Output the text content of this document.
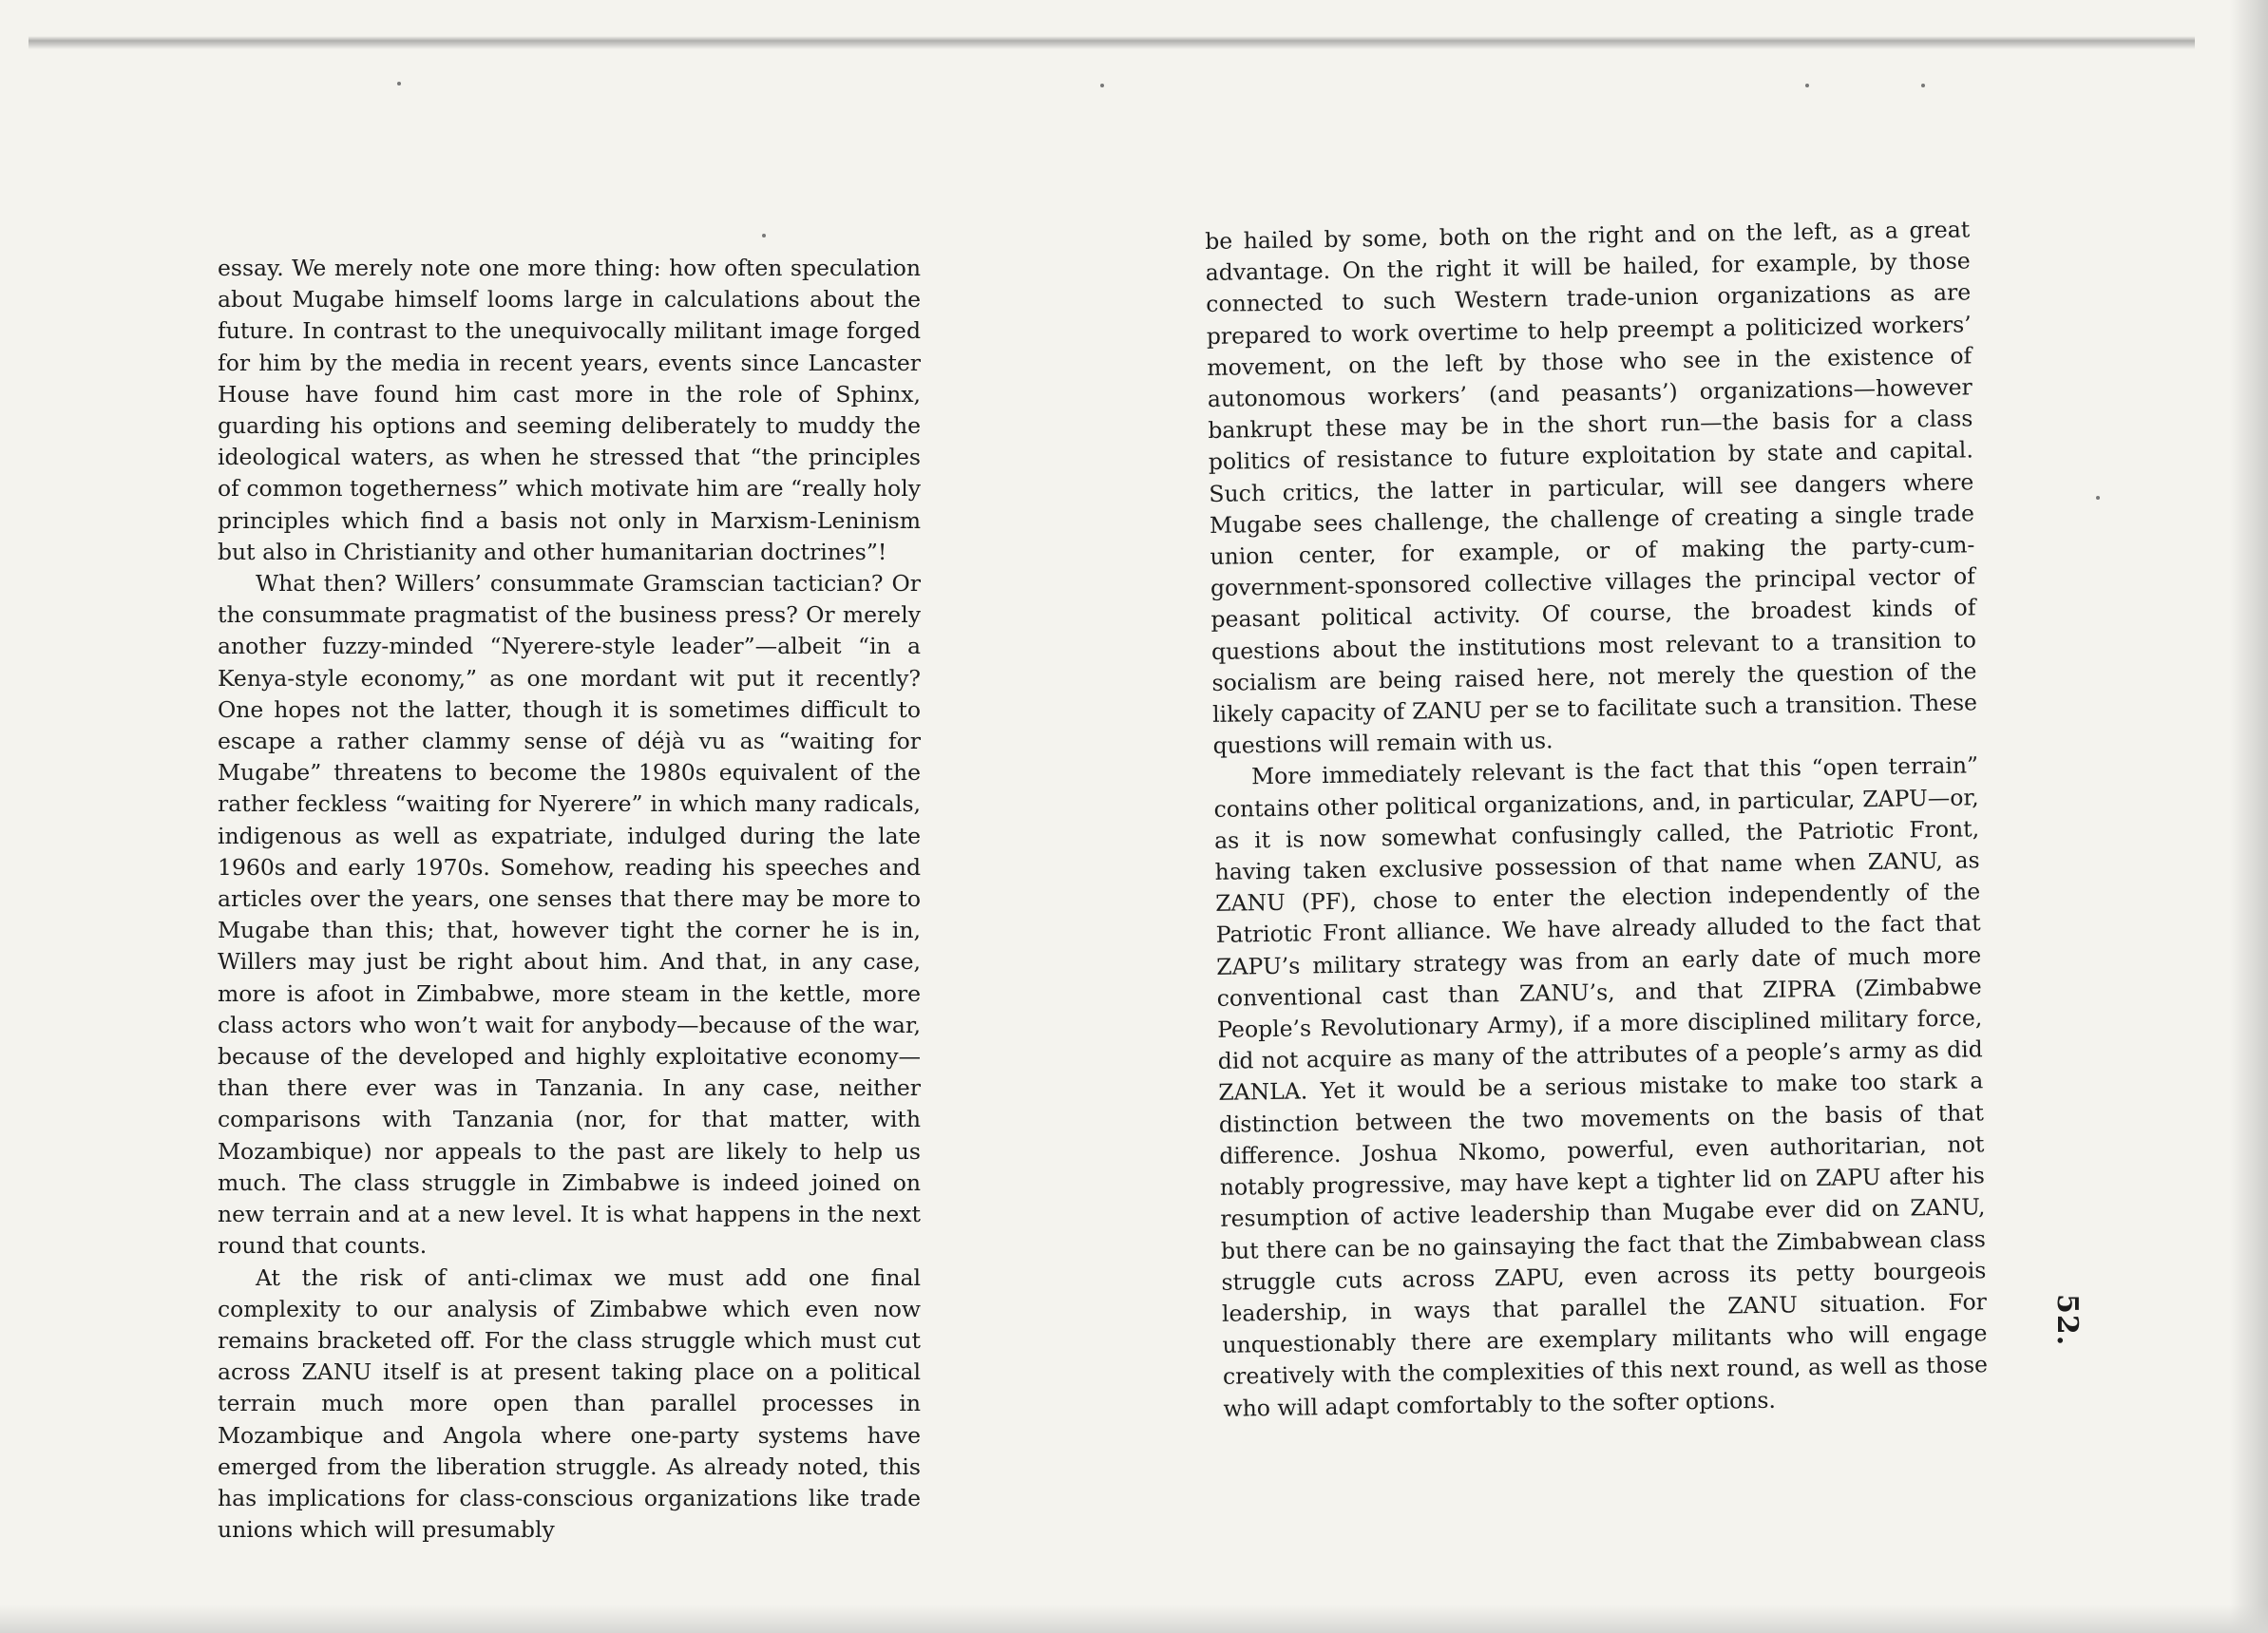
essay. We merely note one more thing: how often speculation about Mugabe himself looms large in calculations about the future. In contrast to the unequivocally militant image forged for him by the media in recent years, events since Lancaster House have found him cast more in the role of Sphinx, guarding his options and seeming deliberately to muddy the ideological waters, as when he stressed that “the principles of common togetherness” which motivate him are “really holy principles which find a basis not only in Marxism-Leninism but also in Christianity and other humanitarian doctrines”!

What then? Willers’ consummate Gramscian tactician? Or the consummate pragmatist of the business press? Or merely another fuzzy-minded “Nyerere-style leader”—albeit “in a Kenya-style economy,” as one mordant wit put it recently? One hopes not the latter, though it is sometimes difficult to escape a rather clammy sense of déjà vu as “waiting for Mugabe” threatens to become the 1980s equivalent of the rather feckless “waiting for Nyerere” in which many radicals, indigenous as well as expatriate, indulged during the late 1960s and early 1970s. Somehow, reading his speeches and articles over the years, one senses that there may be more to Mugabe than this; that, however tight the corner he is in, Willers may just be right about him. And that, in any case, more is afoot in Zimbabwe, more steam in the kettle, more class actors who won’t wait for anybody—because of the war, because of the developed and highly exploitative economy—than there ever was in Tanzania. In any case, neither comparisons with Tanzania (nor, for that matter, with Mozambique) nor appeals to the past are likely to help us much. The class struggle in Zimbabwe is indeed joined on new terrain and at a new level. It is what happens in the next round that counts.

At the risk of anti-climax we must add one final complexity to our analysis of Zimbabwe which even now remains bracketed off. For the class struggle which must cut across ZANU itself is at present taking place on a political terrain much more open than parallel processes in Mozambique and Angola where one-party systems have emerged from the liberation struggle. As already noted, this has implications for class-conscious organizations like trade unions which will presumably

be hailed by some, both on the right and on the left, as a great advantage. On the right it will be hailed, for example, by those connected to such Western trade-union organizations as are prepared to work overtime to help preempt a politicized workers’ movement, on the left by those who see in the existence of autonomous workers’ (and peasants’) organizations—however bankrupt these may be in the short run—the basis for a class politics of resistance to future exploitation by state and capital. Such critics, the latter in particular, will see dangers where Mugabe sees challenge, the challenge of creating a single trade union center, for example, or of making the party-cum-government-sponsored collective villages the principal vector of peasant political activity. Of course, the broadest kinds of questions about the institutions most relevant to a transition to socialism are being raised here, not merely the question of the likely capacity of ZANU per se to facilitate such a transition. These questions will remain with us.

More immediately relevant is the fact that this “open terrain” contains other political organizations, and, in particular, ZAPU—or, as it is now somewhat confusingly called, the Patriotic Front, having taken exclusive possession of that name when ZANU, as ZANU (PF), chose to enter the election independently of the Patriotic Front alliance. We have already alluded to the fact that ZAPU’s military strategy was from an early date of much more conventional cast than ZANU’s, and that ZIPRA (Zimbabwe People’s Revolutionary Army), if a more disciplined military force, did not acquire as many of the attributes of a people’s army as did ZANLA. Yet it would be a serious mistake to make too stark a distinction between the two movements on the basis of that difference. Joshua Nkomo, powerful, even authoritarian, not notably progressive, may have kept a tighter lid on ZAPU after his resumption of active leadership than Mugabe ever did on ZANU, but there can be no gainsaying the fact that the Zimbabwean class struggle cuts across ZAPU, even across its petty bourgeois leadership, in ways that parallel the ZANU situation. For unquestionably there are exemplary militants who will engage creatively with the complexities of this next round, as well as those who will adapt comfortably to the softer options.

52.
